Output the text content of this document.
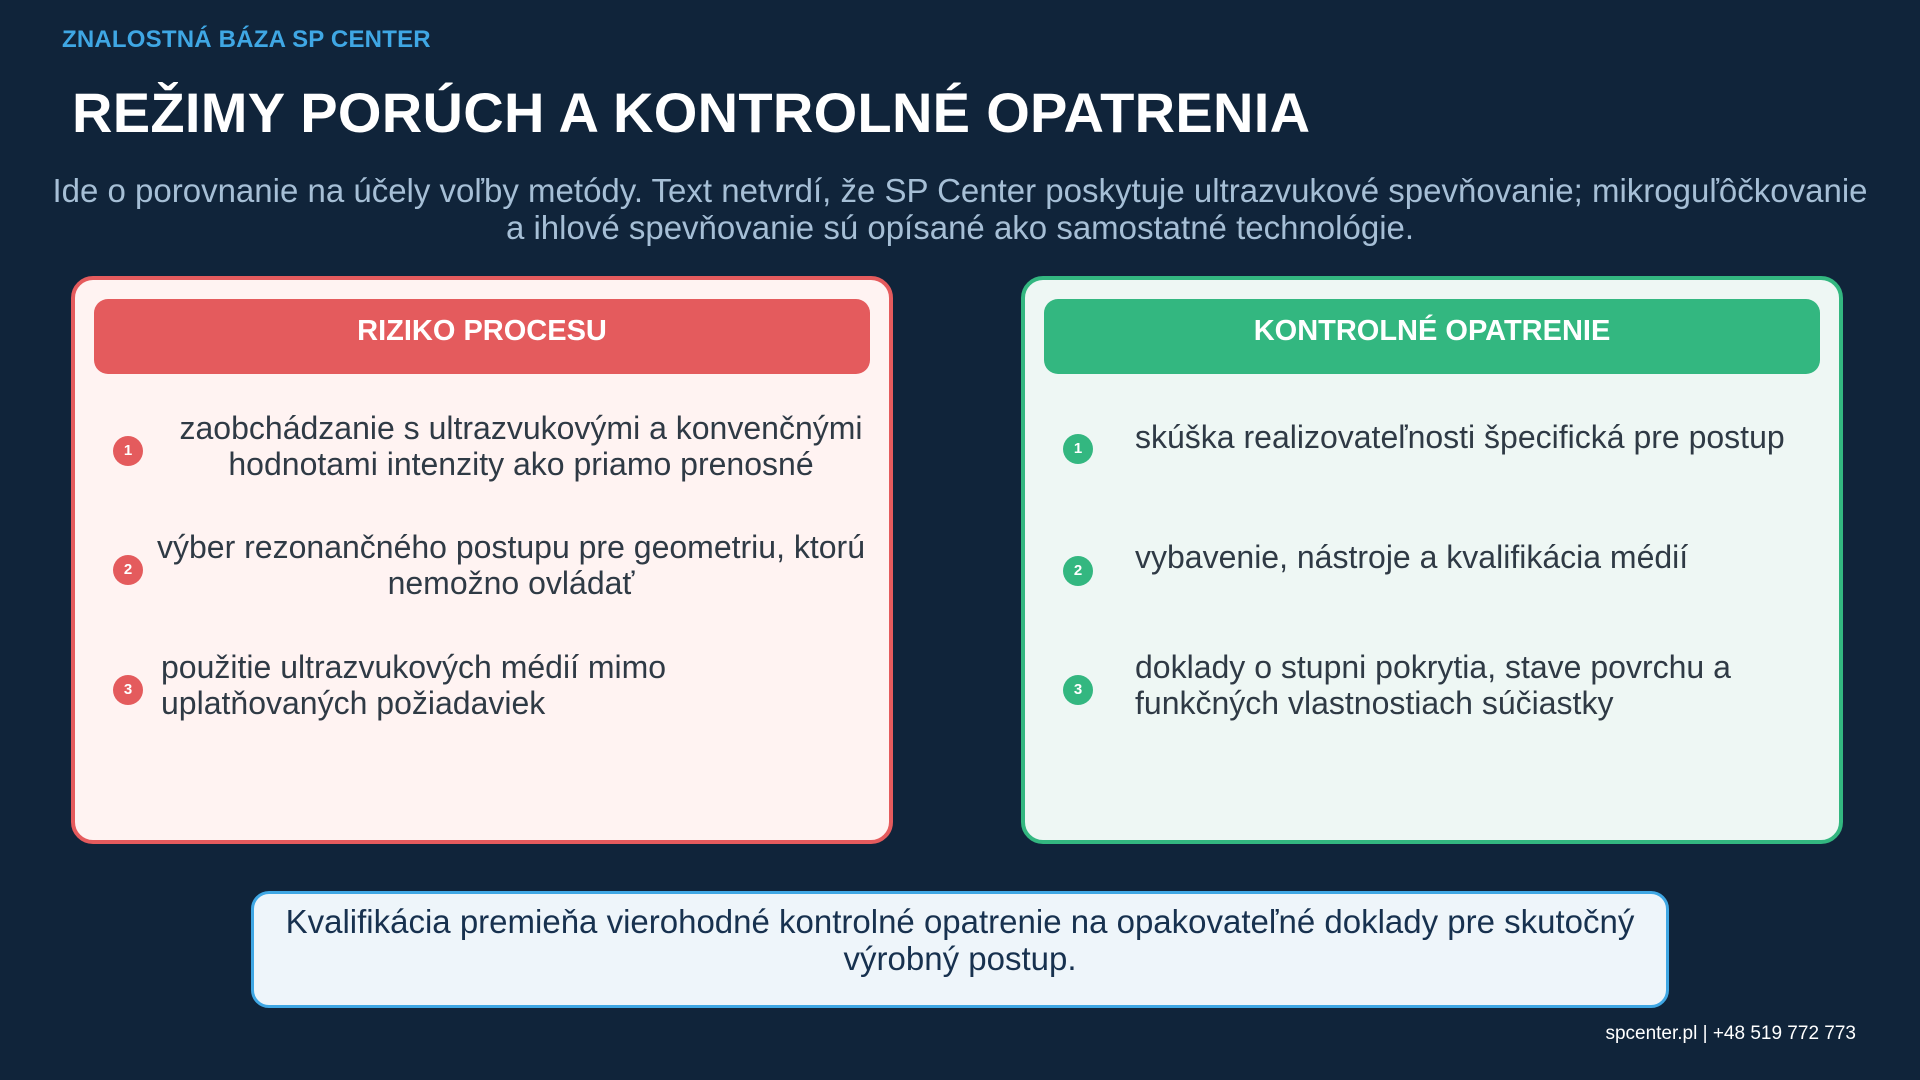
ZNALOSTNÁ BÁZA SP CENTER
REŽIMY PORÚCH A KONTROLNÉ OPATRENIA
Ide o porovnanie na účely voľby metódy. Text netvrdí, že SP Center poskytuje ultrazvukové spevňovanie; mikroguľôčkovanie
a ihlové spevňovanie sú opísané ako samostatné technológie.
RIZIKO PROCESU
1
zaobchádzanie s ultrazvukovými a konvenčnými
hodnotami intenzity ako priamo prenosné
2
výber rezonančného postupu pre geometriu, ktorú
nemožno ovládať
3
použitie ultrazvukových médií mimo
uplatňovaných požiadaviek
KONTROLNÉ OPATRENIE
1	skúška realizovateľnosti špecifická pre postup
2	vybavenie, nástroje a kvalifikácia médií
3
doklady o stupni pokrytia, stave povrchu a
funkčných vlastnostiach súčiastky
Kvalifikácia premieňa vierohodné kontrolné opatrenie na opakovateľné doklady pre skutočný
výrobný postup.
spcenter.pl | +48 519 772 773
